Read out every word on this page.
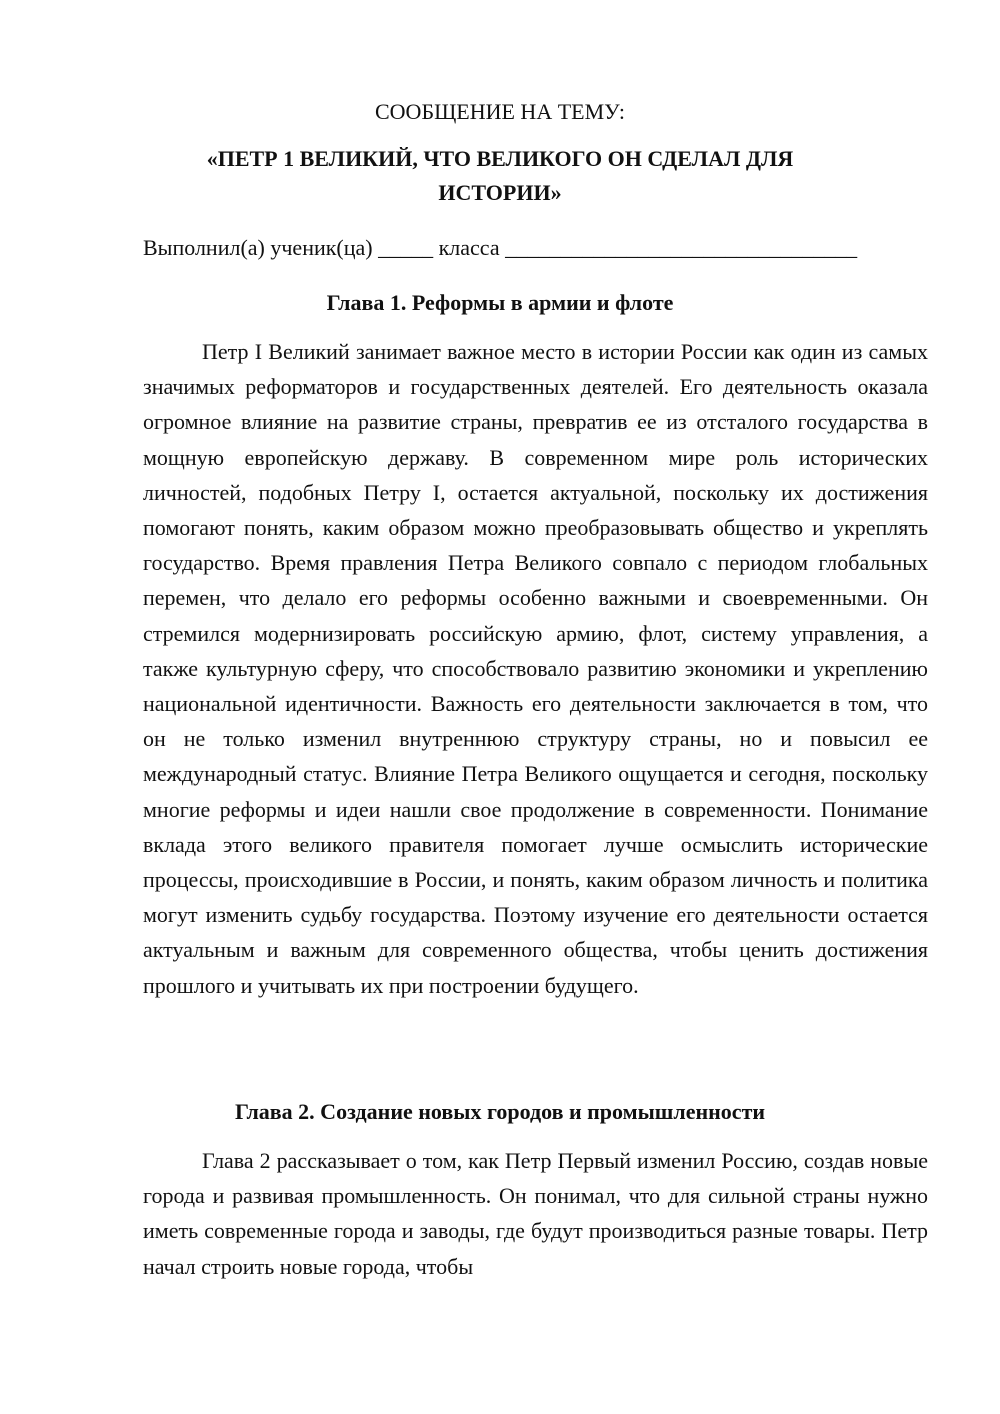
СООБЩЕНИЕ НА ТЕМУ:

«ПЕТР 1 ВЕЛИКИЙ, ЧТО ВЕЛИКОГО ОН СДЕЛАЛ ДЛЯ

ИСТОРИИ»

Выполнил(а) ученик(ца) _____ класса ________________________________

Глава 1. Реформы в армии и флоте

Петр I Великий занимает важное место в истории России как один из самых значимых реформаторов и государственных деятелей. Его деятельность оказала огромное влияние на развитие страны, превратив ее из отсталого государства в мощную европейскую державу. В современном мире роль исторических личностей, подобных Петру I, остается актуальной, поскольку их достижения помогают понять, каким образом можно преобразовывать общество и укреплять государство. Время правления Петра Великого совпало с периодом глобальных перемен, что делало его реформы особенно важными и своевременными. Он стремился модернизировать российскую армию, флот, систему управления, а также культурную сферу, что способствовало развитию экономики и укреплению национальной идентичности. Важность его деятельности заключается в том, что он не только изменил внутреннюю структуру страны, но и повысил ее международный статус. Влияние Петра Великого ощущается и сегодня, поскольку многие реформы и идеи нашли свое продолжение в современности. Понимание вклада этого великого правителя помогает лучше осмыслить исторические процессы, происходившие в России, и понять, каким образом личность и политика могут изменить судьбу государства. Поэтому изучение его деятельности остается актуальным и важным для современного общества, чтобы ценить достижения прошлого и учитывать их при построении будущего.

Глава 2. Создание новых городов и промышленности

Глава 2 рассказывает о том, как Петр Первый изменил Россию, создав новые города и развивая промышленность. Он понимал, что для сильной страны нужно иметь современные города и заводы, где будут производиться разные товары. Петр начал строить новые города, чтобы
